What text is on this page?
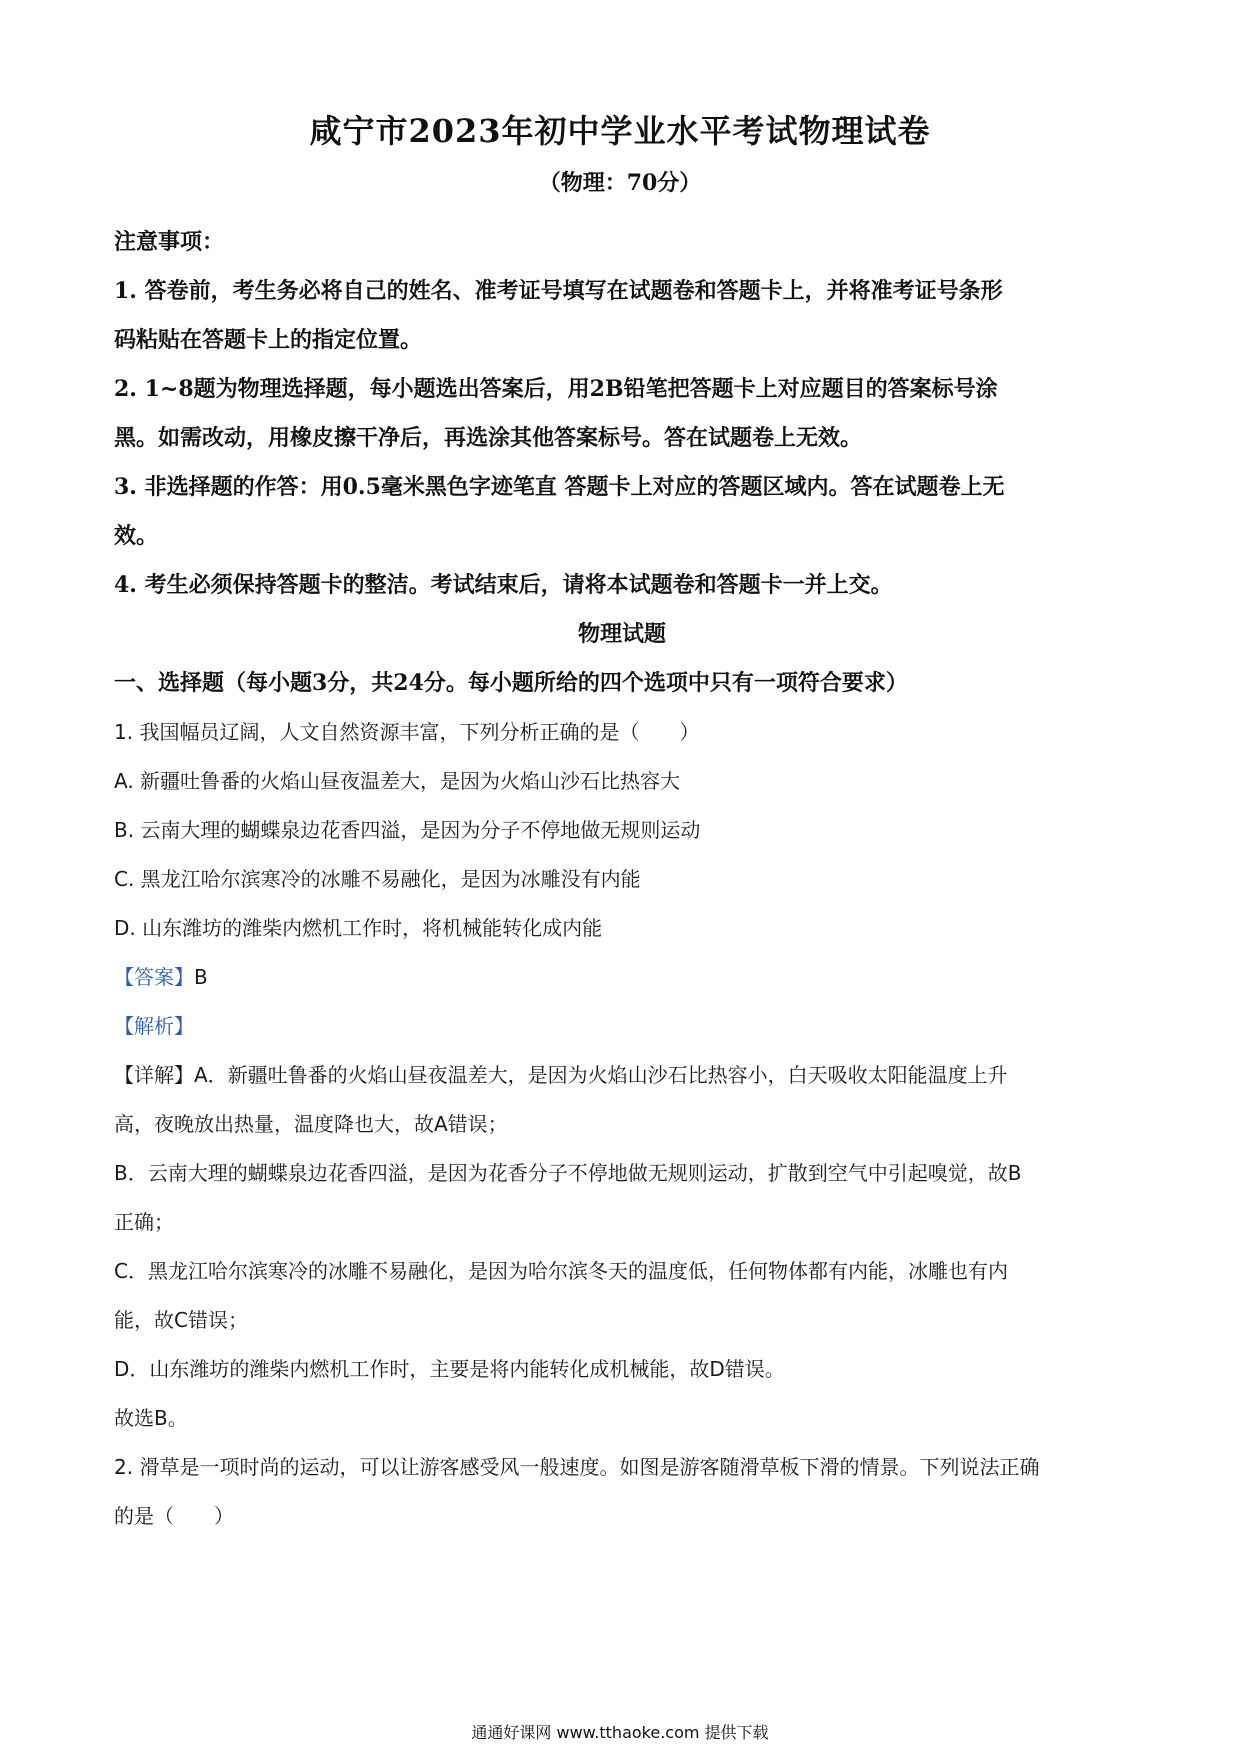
咸宁市2023年初中学业水平考试物理试卷
（物理：70分）
注意事项：
1. 答卷前，考生务必将自己的姓名、准考证号填写在试题卷和答题卡上，并将准考证号条形
码粘贴在答题卡上的指定位置。
2. 1~8题为物理选择题，每小题选出答案后，用2B铅笔把答题卡上对应题目的答案标号涂
黑。如需改动，用橡皮擦干净后，再选涂其他答案标号。答在试题卷上无效。
3. 非选择题的作答：用0.5毫米黑色字迹笔直 答题卡上对应的答题区域内。答在试题卷上无
效。
4. 考生必须保持答题卡的整洁。考试结束后，请将本试题卷和答题卡一并上交。
物理试题
一、选择题（每小题3分，共24分。每小题所给的四个选项中只有一项符合要求）
1. 我国幅员辽阔，人文自然资源丰富，下列分析正确的是（　　）
A. 新疆吐鲁番的火焰山昼夜温差大，是因为火焰山沙石比热容大
B. 云南大理的蝴蝶泉边花香四溢，是因为分子不停地做无规则运动
C. 黑龙江哈尔滨寒冷的冰雕不易融化，是因为冰雕没有内能
D. 山东潍坊的潍柴内燃机工作时，将机械能转化成内能
【答案】B
【解析】
【详解】A．新疆吐鲁番的火焰山昼夜温差大，是因为火焰山沙石比热容小，白天吸收太阳能温度上升
高，夜晚放出热量，温度降也大，故A错误；
B．云南大理的蝴蝶泉边花香四溢，是因为花香分子不停地做无规则运动，扩散到空气中引起嗅觉，故B
正确；
C．黑龙江哈尔滨寒冷的冰雕不易融化，是因为哈尔滨冬天的温度低，任何物体都有内能，冰雕也有内
能，故C错误；
D．山东潍坊的潍柴内燃机工作时，主要是将内能转化成机械能，故D错误。
故选B。
2. 滑草是一项时尚的运动，可以让游客感受风一般速度。如图是游客随滑草板下滑的情景。下列说法正确
的是（　　）
通通好课网 www.tthaoke.com 提供下载
